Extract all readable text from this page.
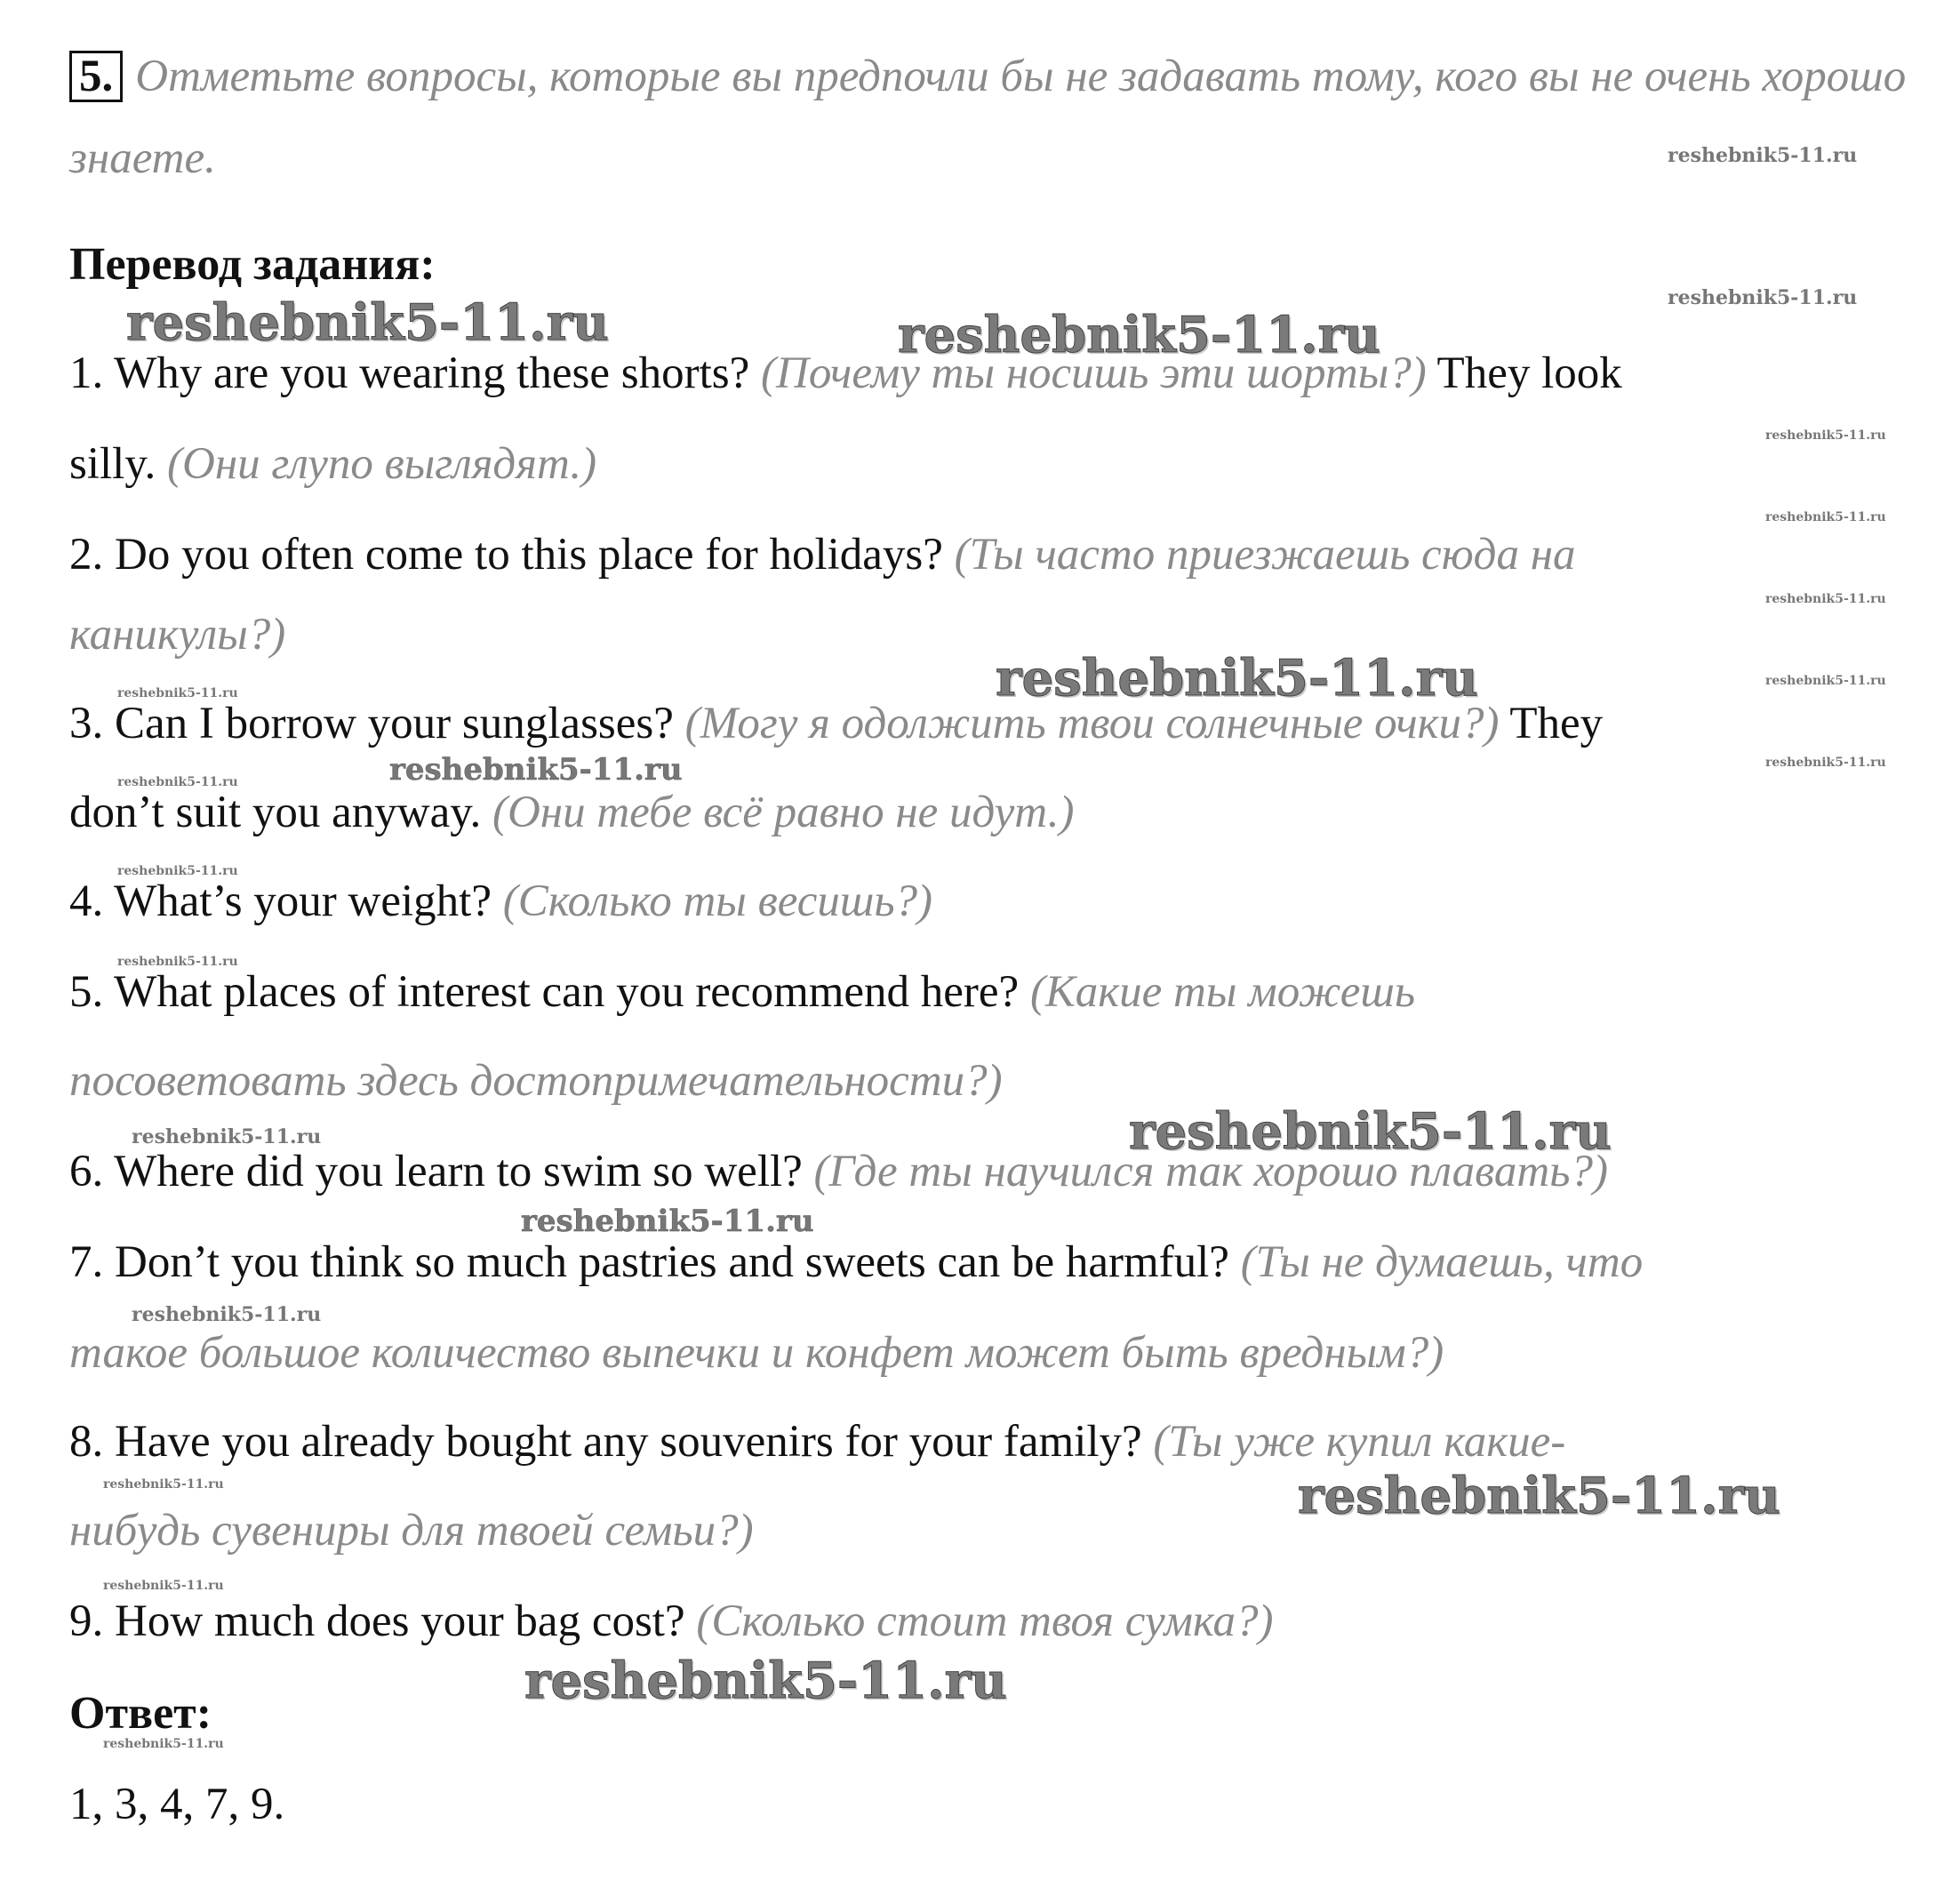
5. Отметьте вопросы, которые вы предпочли бы не задавать тому, кого вы не очень хорошо
знаете.
Перевод задания:
1. Why are you wearing these shorts? (Почему ты носишь эти шорты?) They look
silly. (Они глупо выглядят.)
2. Do you often come to this place for holidays? (Ты часто приезжаешь сюда на
каникулы?)
3. Can I borrow your sunglasses? (Могу я одолжить твои солнечные очки?) They
don’t suit you anyway. (Они тебе всё равно не идут.)
4. What’s your weight? (Сколько ты весишь?)
5. What places of interest can you recommend here? (Какие ты можешь
посоветовать здесь достопримечательности?)
6. Where did you learn to swim so well? (Где ты научился так хорошо плавать?)
7. Don’t you think so much pastries and sweets can be harmful? (Ты не думаешь, что
такое большое количество выпечки и конфет может быть вредным?)
8. Have you already bought any souvenirs for your family? (Ты уже купил какие-
нибудь сувениры для твоей семьи?)
9. How much does your bag cost? (Сколько стоит твоя сумка?)
Ответ:
1, 3, 4, 7, 9.
reshebnik5-11.ru	reshebnik5-11.ru
reshebnik5-11.ru
reshebnik5-11.ru
reshebnik5-11.ru
reshebnik5-11.ru
reshebnik5-11.ru
reshebnik5-11.ru
reshebnik5-11.ru
reshebnik5-11.ru
reshebnik5-11.ru
reshebnik5-11.ru
reshebnik5-11.ru
reshebnik5-11.ru
reshebnik5-11.ru
reshebnik5-11.ru
reshebnik5-11.ru
reshebnik5-11.ru
reshebnik5-11.ru
reshebnik5-11.ru
reshebnik5-11.ru
reshebnik5-11.ru
reshebnik5-11.ru
reshebnik5-11.ru
